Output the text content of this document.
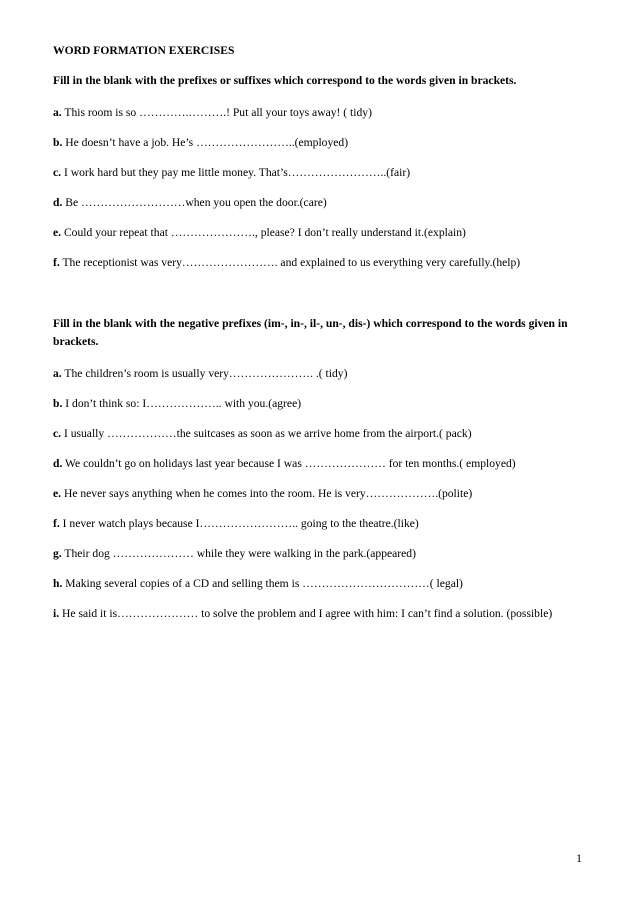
WORD FORMATION EXERCISES
Fill in the blank with the prefixes or suffixes which correspond to the words given in brackets.
a. This room is so ………….……….! Put all your toys away! ( tidy)
b. He doesn’t have a job. He’s ……………………..(employed)
c. I work hard but they pay me little money. That’s……………………..(fair)
d. Be ………………………when you open the door.(care)
e. Could your repeat that …………………., please? I don’t really understand it.(explain)
f. The receptionist was very……………………. and explained to us everything very carefully.(help)
Fill in the blank with the negative prefixes (im-, in-, il-, un-, dis-) which correspond to the words given in brackets.
a. The children’s room is usually very…………………. .( tidy)
b. I don’t think so: I……………….. with you.(agree)
c. I usually ………………the suitcases as soon as we arrive home from the airport.( pack)
d. We couldn’t go on holidays last year because I was ………………… for ten months.( employed)
e. He never says anything when he comes into the room. He is very……………….(polite)
f. I never watch plays because I…………………….. going to the theatre.(like)
g. Their dog ………………… while they were walking in the park.(appeared)
h. Making several copies of a CD and selling them is ……………………………( legal)
i. He said it is………………… to solve the problem and I agree with him: I can’t find a solution. (possible)
1
